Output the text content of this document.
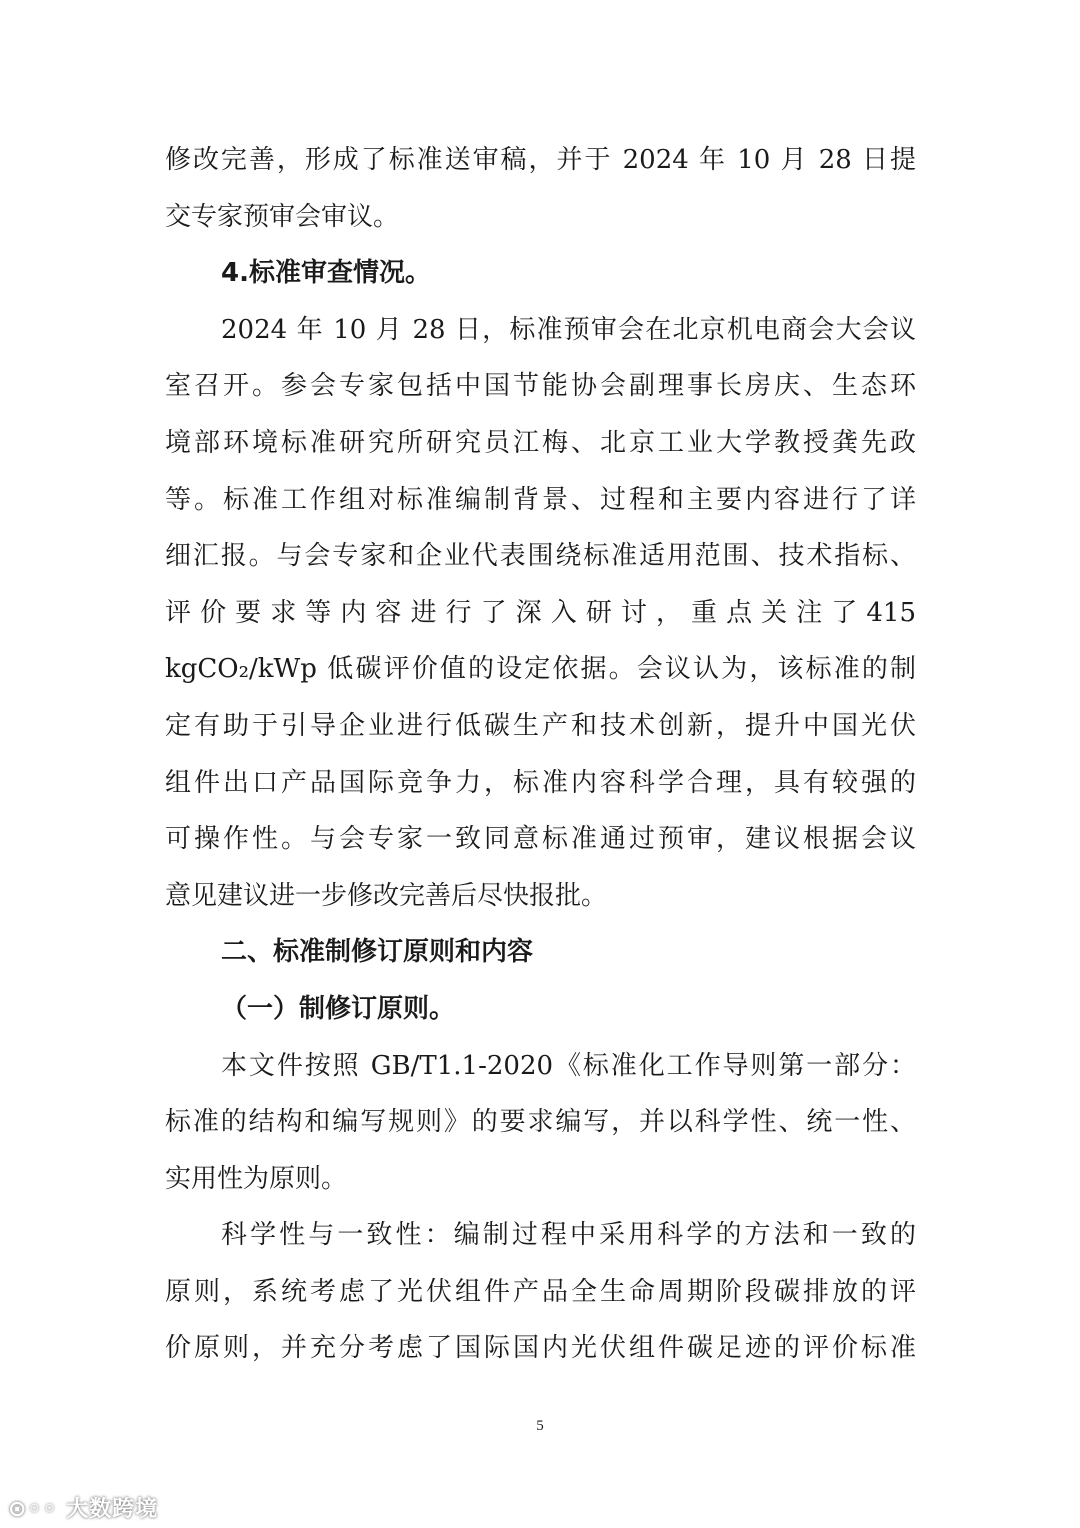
修改完善，形成了标准送审稿，并于 2024 年 10 月 28 日提
交专家预审会审议。
4.标准审查情况。
2024 年 10 月 28 日，标准预审会在北京机电商会大会议
室召开。参会专家包括中国节能协会副理事长房庆、生态环
境部环境标准研究所研究员江梅、北京工业大学教授龚先政
等。标准工作组对标准编制背景、过程和主要内容进行了详
细汇报。与会专家和企业代表围绕标准适用范围、技术指标、
评 价 要 求 等 内 容 进 行 了 深 入 研 讨 ， 重 点 关 注 了 415
kgCO₂/kWp 低碳评价值的设定依据。会议认为，该标准的制
定有助于引导企业进行低碳生产和技术创新，提升中国光伏
组件出口产品国际竞争力，标准内容科学合理，具有较强的
可操作性。与会专家一致同意标准通过预审，建议根据会议
意见建议进一步修改完善后尽快报批。
二、标准制修订原则和内容
（一）制修订原则。
本文件按照 GB/T1.1-2020《标准化工作导则第一部分：
标准的结构和编写规则》的要求编写，并以科学性、统一性、
实用性为原则。
科学性与一致性：编制过程中采用科学的方法和一致的
原则，系统考虑了光伏组件产品全生命周期阶段碳排放的评
价原则，并充分考虑了国际国内光伏组件碳足迹的评价标准
5
⊙◦◦ 大数跨境
